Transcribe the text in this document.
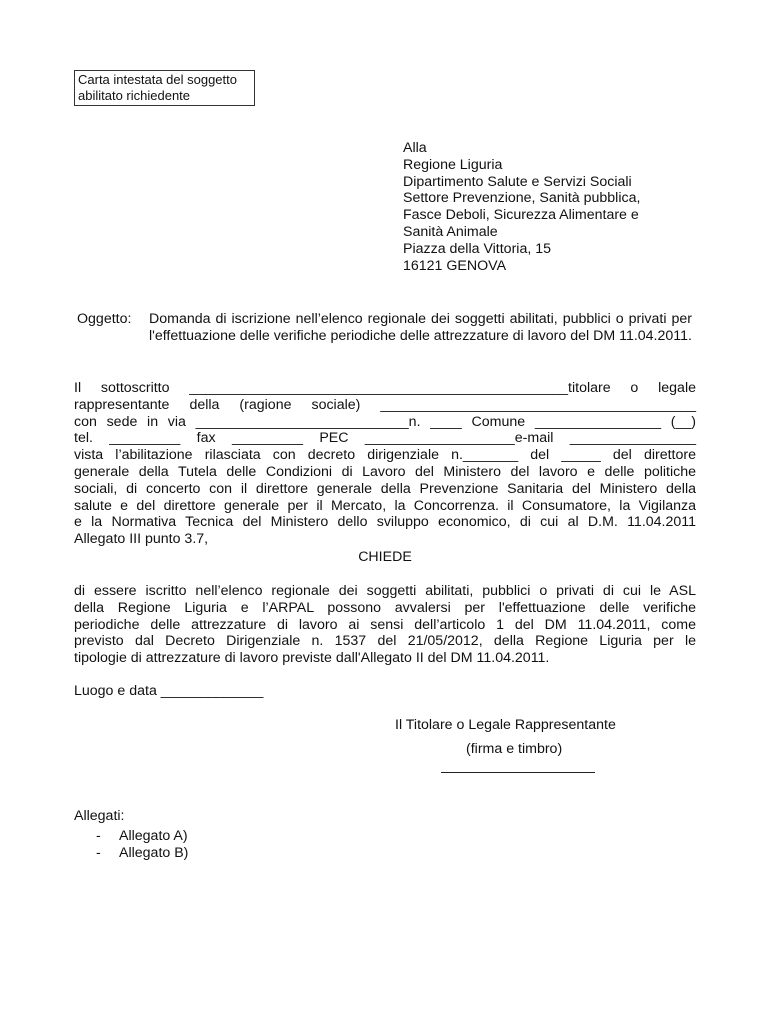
Carta intestata del soggetto
abilitato richiedente
Alla
Regione Liguria
Dipartimento Salute e Servizi Sociali
Settore Prevenzione, Sanità pubblica,
Fasce Deboli, Sicurezza Alimentare e
Sanità Animale
Piazza della Vittoria, 15
16121 GENOVA
Oggetto: Domanda di iscrizione nell’elenco regionale dei soggetti abilitati, pubblici o privati per l'effettuazione delle verifiche periodiche delle attrezzature di lavoro del DM 11.04.2011.
Il sottoscritto ________________________________________________titolare o legale
rappresentante della (ragione sociale) ________________________________________
con sede in via ___________________________n. ____ Comune ________________ (__)
tel. _________ fax _________ PEC ___________________e-mail ________________
vista l’abilitazione rilasciata con decreto dirigenziale n._______ del _____ del direttore
generale della Tutela delle Condizioni di Lavoro del Ministero del lavoro e delle politiche
sociali, di concerto con il direttore generale della Prevenzione Sanitaria del Ministero della
salute e del direttore generale per il Mercato, la Concorrenza. il Consumatore, la Vigilanza
e la Normativa Tecnica del Ministero dello sviluppo economico, di cui al D.M. 11.04.2011
Allegato III punto 3.7,
CHIEDE
di essere iscritto nell’elenco regionale dei soggetti abilitati, pubblici o privati di cui le ASL
della Regione Liguria e l’ARPAL possono avvalersi per l'effettuazione delle verifiche
periodiche delle attrezzature di lavoro ai sensi dell’articolo 1 del DM 11.04.2011, come
previsto dal Decreto Dirigenziale n. 1537 del 21/05/2012, della Regione Liguria per le
tipologie di attrezzature di lavoro previste dall'Allegato II del DM 11.04.2011.
Luogo e data _____________
Il Titolare o Legale Rappresentante
(firma e timbro)
Allegati:
- Allegato A)
- Allegato B)
